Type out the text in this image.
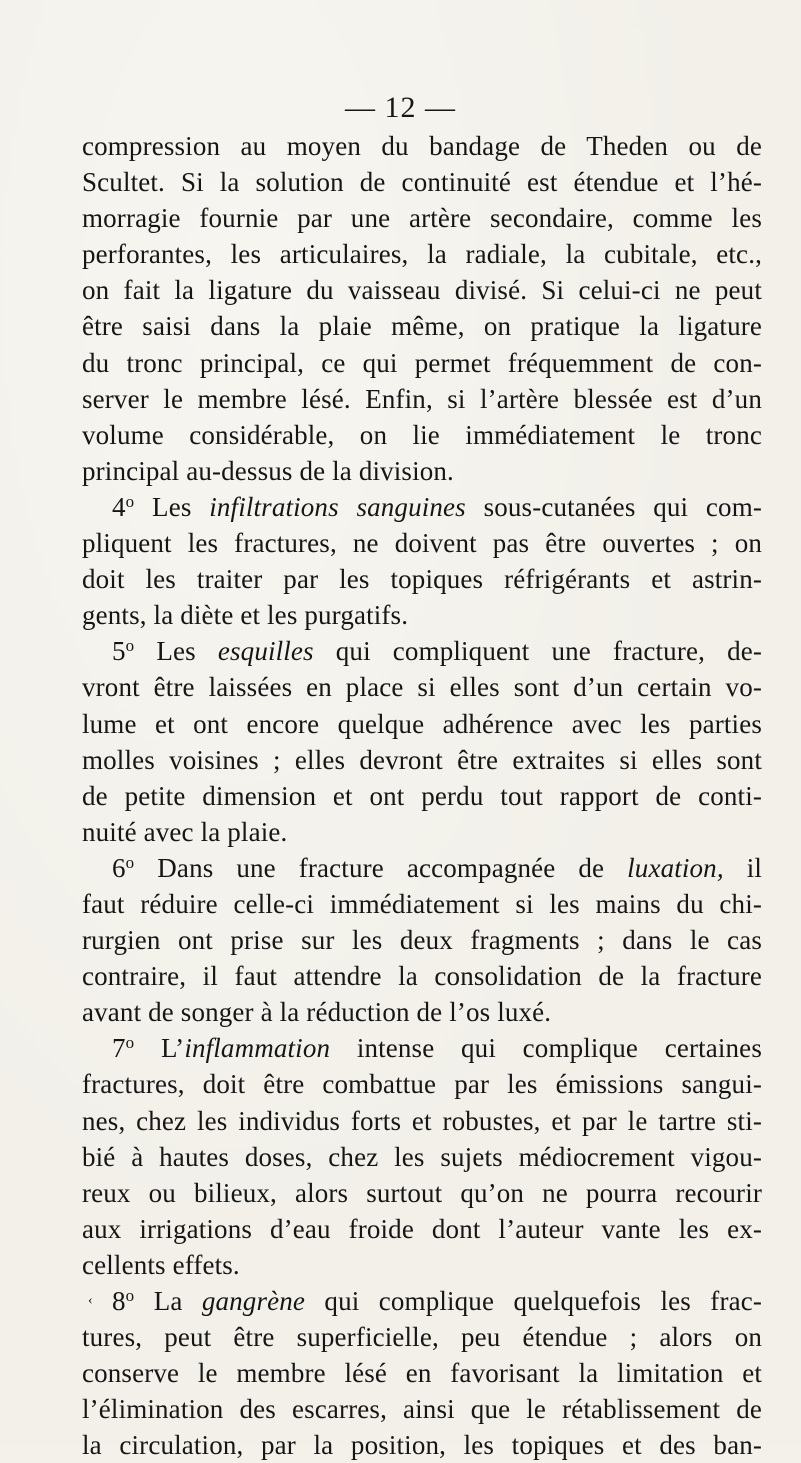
— 12 —
compression au moyen du bandage de Theden ou de
Scultet. Si la solution de continuité est étendue et l’hé-
morragie fournie par une artère secondaire, comme les
perforantes, les articulaires, la radiale, la cubitale, etc.,
on fait la ligature du vaisseau divisé. Si celui-ci ne peut
être saisi dans la plaie même, on pratique la ligature
du tronc principal, ce qui permet fréquemment de con-
server le membre lésé. Enfin, si l’artère blessée est d’un
volume considérable, on lie immédiatement le tronc
principal au-dessus de la division.
4$^o$ Les infiltrations sanguines sous-cutanées qui com-
pliquent les fractures, ne doivent pas être ouvertes ; on
doit les traiter par les topiques réfrigérants et astrin-
gents, la diète et les purgatifs.
5$^o$ Les esquilles qui compliquent une fracture, de-
vront être laissées en place si elles sont d’un certain vo-
lume et ont encore quelque adhérence avec les parties
molles voisines ; elles devront être extraites si elles sont
de petite dimension et ont perdu tout rapport de conti-
nuité avec la plaie.
6$^o$ Dans une fracture accompagnée de luxation, il
faut réduire celle-ci immédiatement si les mains du chi-
rurgien ont prise sur les deux fragments ; dans le cas
contraire, il faut attendre la consolidation de la fracture
avant de songer à la réduction de l’os luxé.
7$^o$ L’inflammation intense qui complique certaines
fractures, doit être combattue par les émissions sangui-
nes, chez les individus forts et robustes, et par le tartre sti-
bié à hautes doses, chez les sujets médiocrement vigou-
reux ou bilieux, alors surtout qu’on ne pourra recourir
aux irrigations d’eau froide dont l’auteur vante les ex-
cellents effets.
‹ 8$^o$ La gangrène qui complique quelquefois les frac-
tures, peut être superficielle, peu étendue ; alors on
conserve le membre lésé en favorisant la limitation et
l’élimination des escarres, ainsi que le rétablissement de
la circulation, par la position, les topiques et des ban-
